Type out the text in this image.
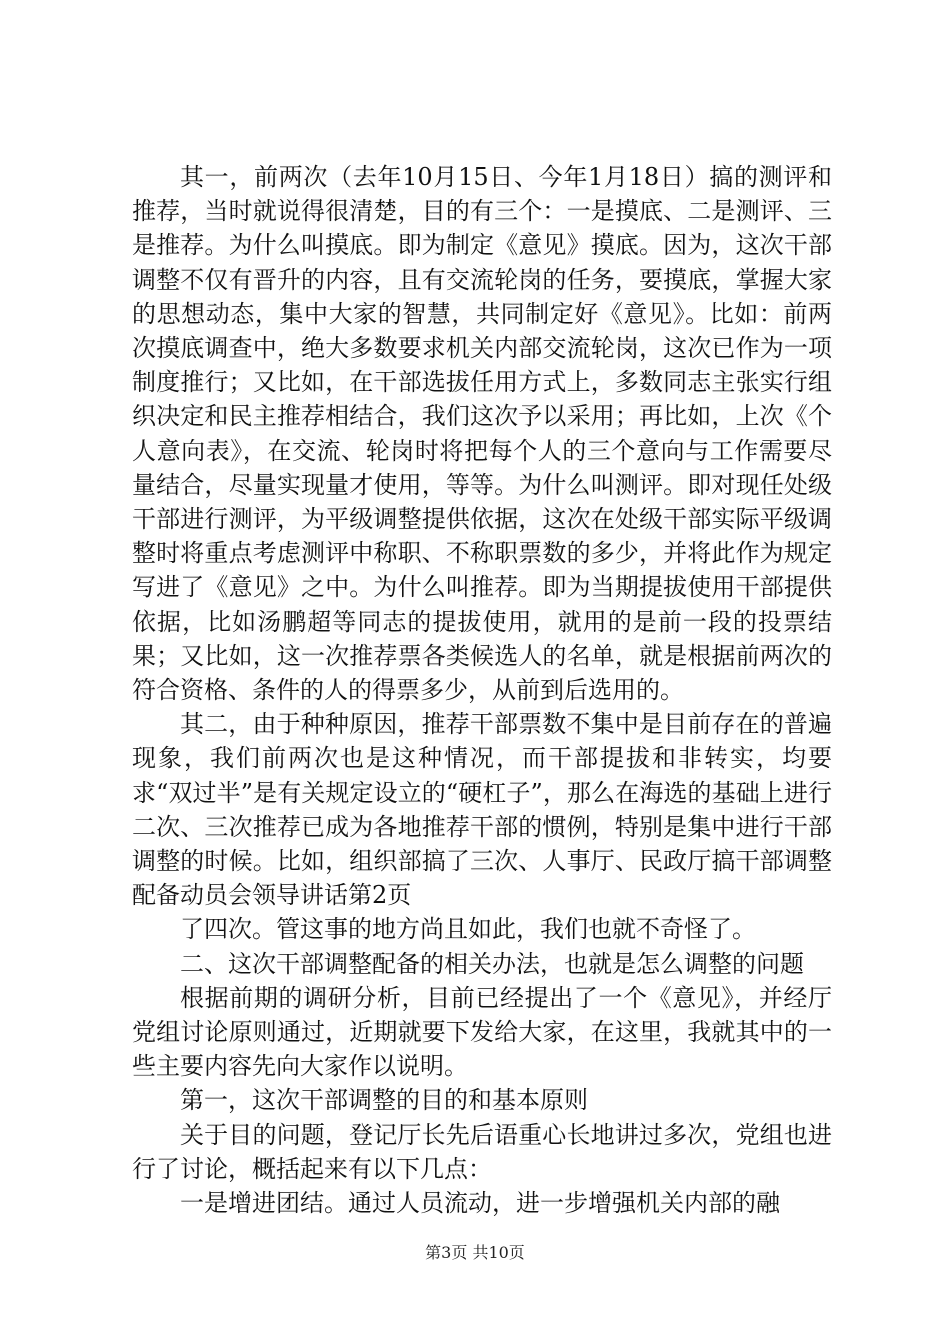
其一，前两次（去年10月15日、今年1月18日）搞的测评和推荐，当时就说得很清楚，目的有三个：一是摸底、二是测评、三是推荐。为什么叫摸底。即为制定《意见》摸底。因为，这次干部调整不仅有晋升的内容，且有交流轮岗的任务，要摸底，掌握大家的思想动态，集中大家的智慧，共同制定好《意见》。比如：前两次摸底调查中，绝大多数要求机关内部交流轮岗，这次已作为一项制度推行；又比如，在干部选拔任用方式上，多数同志主张实行组织决定和民主推荐相结合，我们这次予以采用；再比如，上次《个人意向表》，在交流、轮岗时将把每个人的三个意向与工作需要尽量结合，尽量实现量才使用，等等。为什么叫测评。即对现任处级干部进行测评，为平级调整提供依据，这次在处级干部实际平级调整时将重点考虑测评中称职、不称职票数的多少，并将此作为规定写进了《意见》之中。为什么叫推荐。即为当期提拔使用干部提供依据，比如汤鹏超等同志的提拔使用，就用的是前一段的投票结果；又比如，这一次推荐票各类候选人的名单，就是根据前两次的符合资格、条件的人的得票多少，从前到后选用的。

其二，由于种种原因，推荐干部票数不集中是目前存在的普遍现象，我们前两次也是这种情况，而干部提拔和非转实，均要求“双过半”是有关规定设立的“硬杠子”，那么在海选的基础上进行二次、三次推荐已成为各地推荐干部的惯例，特别是集中进行干部调整的时候。比如，组织部搞了三次、人事厅、民政厅搞干部调整配备动员会领导讲话第2页

了四次。管这事的地方尚且如此，我们也就不奇怪了。

二、这次干部调整配备的相关办法，也就是怎么调整的问题

根据前期的调研分析，目前已经提出了一个《意见》，并经厅党组讨论原则通过，近期就要下发给大家，在这里，我就其中的一些主要内容先向大家作以说明。

第一，这次干部调整的目的和基本原则

关于目的问题，登记厅长先后语重心长地讲过多次，党组也进行了讨论，概括起来有以下几点：

一是增进团结。通过人员流动，进一步增强机关内部的融

第3页 共10页
